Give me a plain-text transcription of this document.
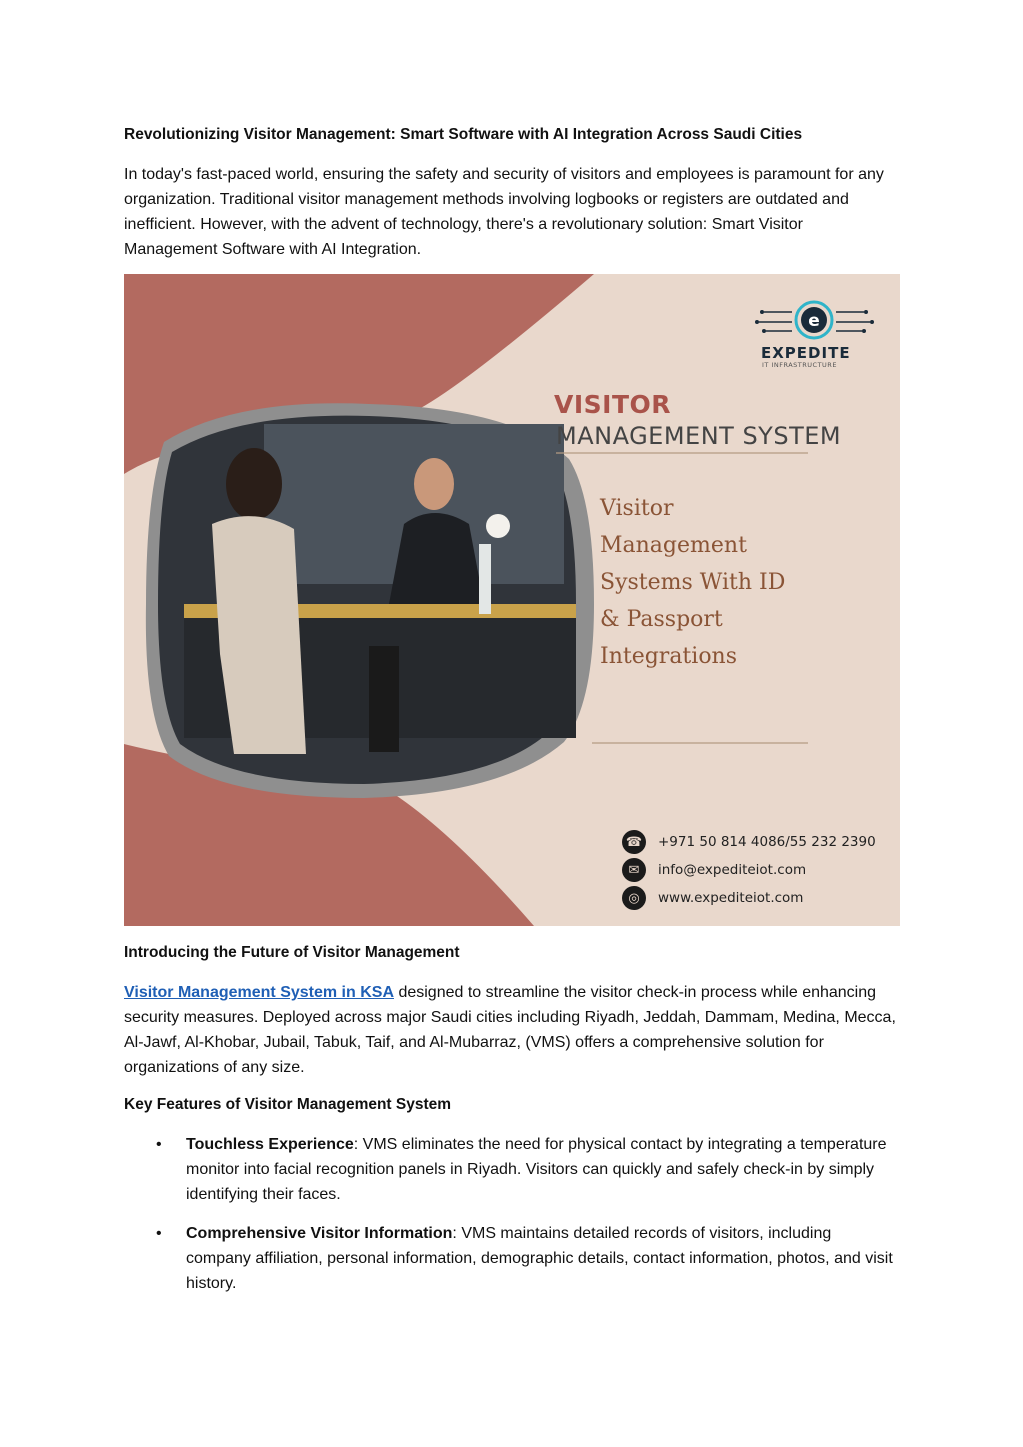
Revolutionizing Visitor Management: Smart Software with AI Integration Across Saudi Cities
In today's fast-paced world, ensuring the safety and security of visitors and employees is paramount for any organization. Traditional visitor management methods involving logbooks or registers are outdated and inefficient. However, with the advent of technology, there's a revolutionary solution: Smart Visitor Management Software with AI Integration.
e
EXPEDITE
IT INFRASTRUCTURE
VISITOR
MANAGEMENT SYSTEM
Visitor
Management
Systems With ID
& Passport
Integrations
☎ +971 50 814 4086/55 232 2390
✉	info@expediteiot.com
◎	www.expediteiot.com
Introducing the Future of Visitor Management
Visitor Management System in KSA designed to streamline the visitor check-in process while enhancing security measures. Deployed across major Saudi cities including Riyadh, Jeddah, Dammam, Medina, Mecca, Al-Jawf, Al-Khobar, Jubail, Tabuk, Taif, and Al-Mubarraz, (VMS) offers a comprehensive solution for organizations of any size.
Key Features of Visitor Management System
• Touchless Experience: VMS eliminates the need for physical contact by integrating a temperature monitor into facial recognition panels in Riyadh. Visitors can quickly and safely check-in by simply identifying their faces.
• Comprehensive Visitor Information: VMS maintains detailed records of visitors, including company affiliation, personal information, demographic details, contact information, photos, and visit history.
